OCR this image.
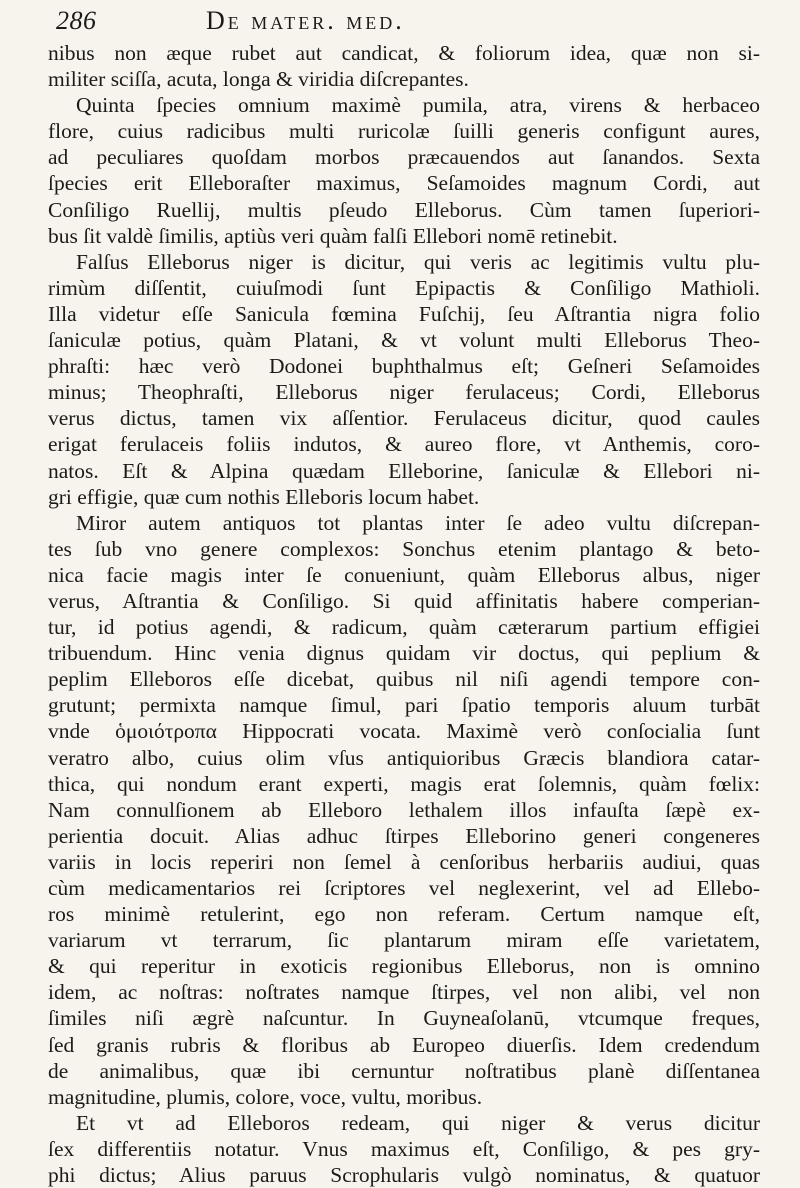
286	De mater. med.
nibus non æque rubet aut candicat, & foliorum idea, quæ non si-
militer sciſſa, acuta, longa & viridia diſcrepantes.
Quinta ſpecies omnium maximè pumila, atra, virens & herbaceo
flore, cuius radicibus multi ruricolæ ſuilli generis configunt aures,
ad peculiares quoſdam morbos præcauendos aut ſanandos. Sexta
ſpecies erit Elleboraſter maximus, Seſamoides magnum Cordi, aut
Conſiligo Ruellij, multis pſeudo Elleborus. Cùm tamen ſuperiori-
bus ſit valdè ſimilis, aptiùs veri quàm falſi Ellebori nomē retinebit.
Falſus Elleborus niger is dicitur, qui veris ac legitimis vultu plu-
rimùm diſſentit, cuiuſmodi ſunt Epipactis & Conſiligo Mathioli.
Illa videtur eſſe Sanicula fœmina Fuſchij, ſeu Aſtrantia nigra folio
ſaniculæ potius, quàm Platani, & vt volunt multi Elleborus Theo-
phraſti: hæc verò Dodonei buphthalmus eſt; Geſneri Seſamoides
minus; Theophraſti, Elleborus niger ferulaceus; Cordi, Elleborus
verus dictus, tamen vix aſſentior. Ferulaceus dicitur, quod caules
erigat ferulaceis foliis indutos, & aureo flore, vt Anthemis, coro-
natos. Eſt & Alpina quædam Elleborine, ſaniculæ & Ellebori ni-
gri effigie, quæ cum nothis Elleboris locum habet.
Miror autem antiquos tot plantas inter ſe adeo vultu diſcrepan-
tes ſub vno genere complexos: Sonchus etenim plantago & beto-
nica facie magis inter ſe conueniunt, quàm Elleborus albus, niger
verus, Aſtrantia & Conſiligo. Si quid affinitatis habere comperian-
tur, id potius agendi, & radicum, quàm cæterarum partium effigiei
tribuendum. Hinc venia dignus quidam vir doctus, qui peplium &
peplim Elleboros eſſe dicebat, quibus nil niſi agendi tempore con-
grutunt; permixta namque ſimul, pari ſpatio temporis aluum turbāt
vnde ὁμοιότροπα Hippocrati vocata. Maximè verò conſocialia ſunt
veratro albo, cuius olim vſus antiquioribus Græcis blandiora catar-
thica, qui nondum erant experti, magis erat ſolemnis, quàm fœlix:
Nam connulſionem ab Elleboro lethalem illos infauſta ſæpè ex-
perientia docuit. Alias adhuc ſtirpes Elleborino generi congeneres
variis in locis reperiri non ſemel à cenſoribus herbariis audiui, quas
cùm medicamentarios rei ſcriptores vel neglexerint, vel ad Ellebo-
ros minimè retulerint, ego non referam. Certum namque eſt,
variarum vt terrarum, ſic plantarum miram eſſe varietatem,
& qui reperitur in exoticis regionibus Elleborus, non is omnino
idem, ac noſtras: noſtrates namque ſtirpes, vel non alibi, vel non
ſimiles niſi ægrè naſcuntur. In Guyneaſolanū, vtcumque freques,
ſed granis rubris & floribus ab Europeo diuerſis. Idem credendum
de animalibus, quæ ibi cernuntur noſtratibus planè diſſentanea
magnitudine, plumis, colore, voce, vultu, moribus.
Et vt ad Elleboros redeam, qui niger & verus dicitur
ſex differentiis notatur. Vnus maximus eſt, Conſiligo, & pes gry-
phi dictus; Alius paruus Scrophularis vulgò nominatus, & quatuor
